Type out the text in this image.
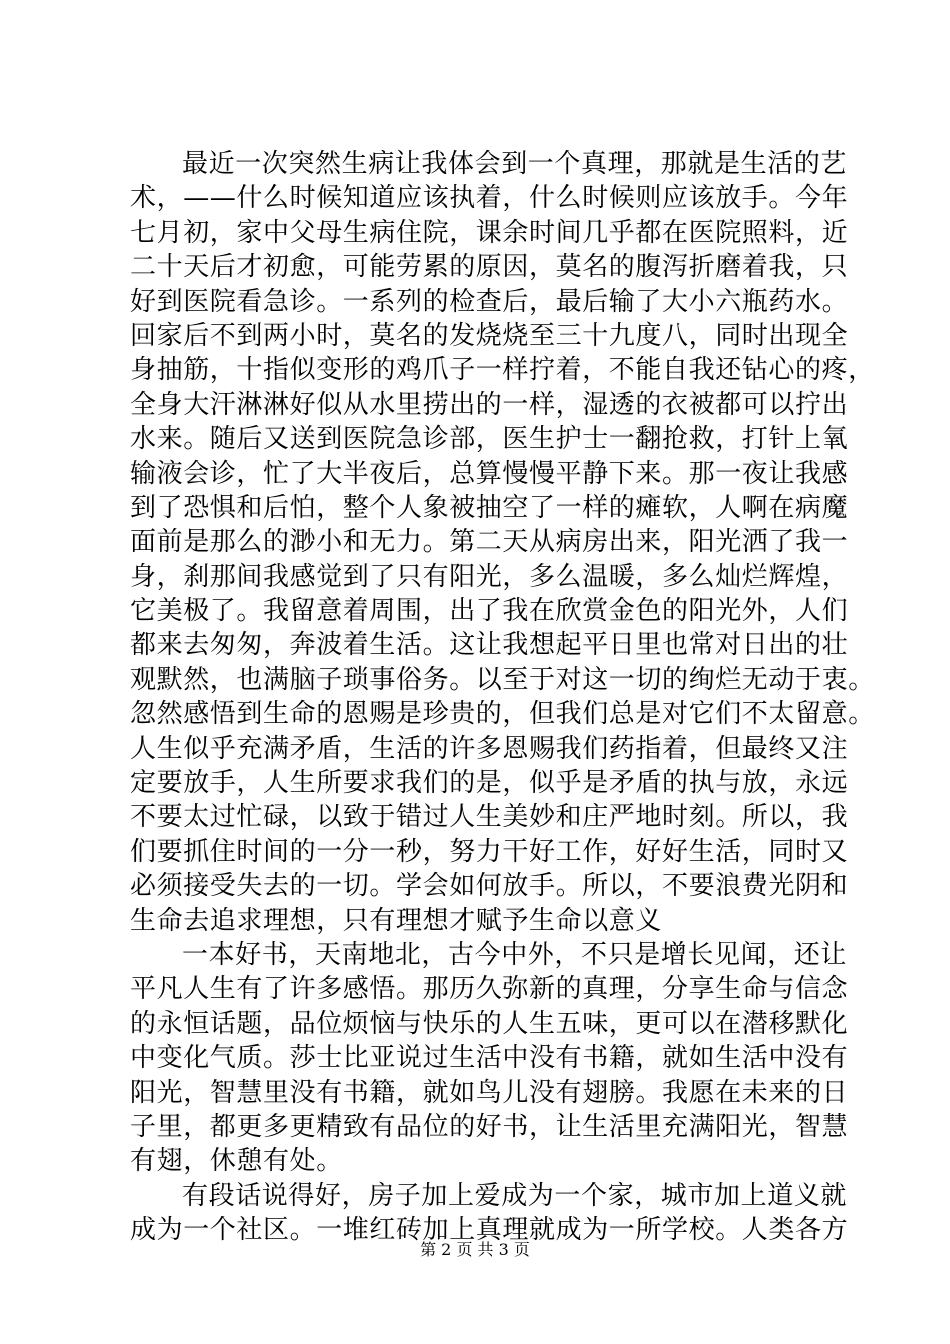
最近一次突然生病让我体会到一个真理，那就是生活的艺
术，——什么时候知道应该执着，什么时候则应该放手。今年
七月初，家中父母生病住院，课余时间几乎都在医院照料，近
二十天后才初愈，可能劳累的原因，莫名的腹泻折磨着我，只
好到医院看急诊。一系列的检查后，最后输了大小六瓶药水。
回家后不到两小时，莫名的发烧烧至三十九度八，同时出现全
身抽筋，十指似变形的鸡爪子一样拧着，不能自我还钻心的疼，
全身大汗淋淋好似从水里捞出的一样，湿透的衣被都可以拧出
水来。随后又送到医院急诊部，医生护士一翻抢救，打针上氧
输液会诊，忙了大半夜后，总算慢慢平静下来。那一夜让我感
到了恐惧和后怕，整个人象被抽空了一样的瘫软，人啊在病魔
面前是那么的渺小和无力。第二天从病房出来，阳光洒了我一
身，刹那间我感觉到了只有阳光，多么温暖，多么灿烂辉煌，
它美极了。我留意着周围，出了我在欣赏金色的阳光外，人们
都来去匆匆，奔波着生活。这让我想起平日里也常对日出的壮
观默然，也满脑子琐事俗务。以至于对这一切的绚烂无动于衷。
忽然感悟到生命的恩赐是珍贵的，但我们总是对它们不太留意。
人生似乎充满矛盾，生活的许多恩赐我们药指着，但最终又注
定要放手，人生所要求我们的是，似乎是矛盾的执与放，永远
不要太过忙碌，以致于错过人生美妙和庄严地时刻。所以，我
们要抓住时间的一分一秒，努力干好工作，好好生活，同时又
必须接受失去的一切。学会如何放手。所以，不要浪费光阴和
生命去追求理想，只有理想才赋予生命以意义
一本好书，天南地北，古今中外，不只是增长见闻，还让
平凡人生有了许多感悟。那历久弥新的真理，分享生命与信念
的永恒话题，品位烦恼与快乐的人生五味，更可以在潜移默化
中变化气质。莎士比亚说过生活中没有书籍，就如生活中没有
阳光，智慧里没有书籍，就如鸟儿没有翅膀。我愿在未来的日
子里，都更多更精致有品位的好书，让生活里充满阳光，智慧
有翅，休憩有处。
有段话说得好，房子加上爱成为一个家，城市加上道义就
成为一个社区。一堆红砖加上真理就成为一所学校。人类各方
第 2 页 共 3 页
